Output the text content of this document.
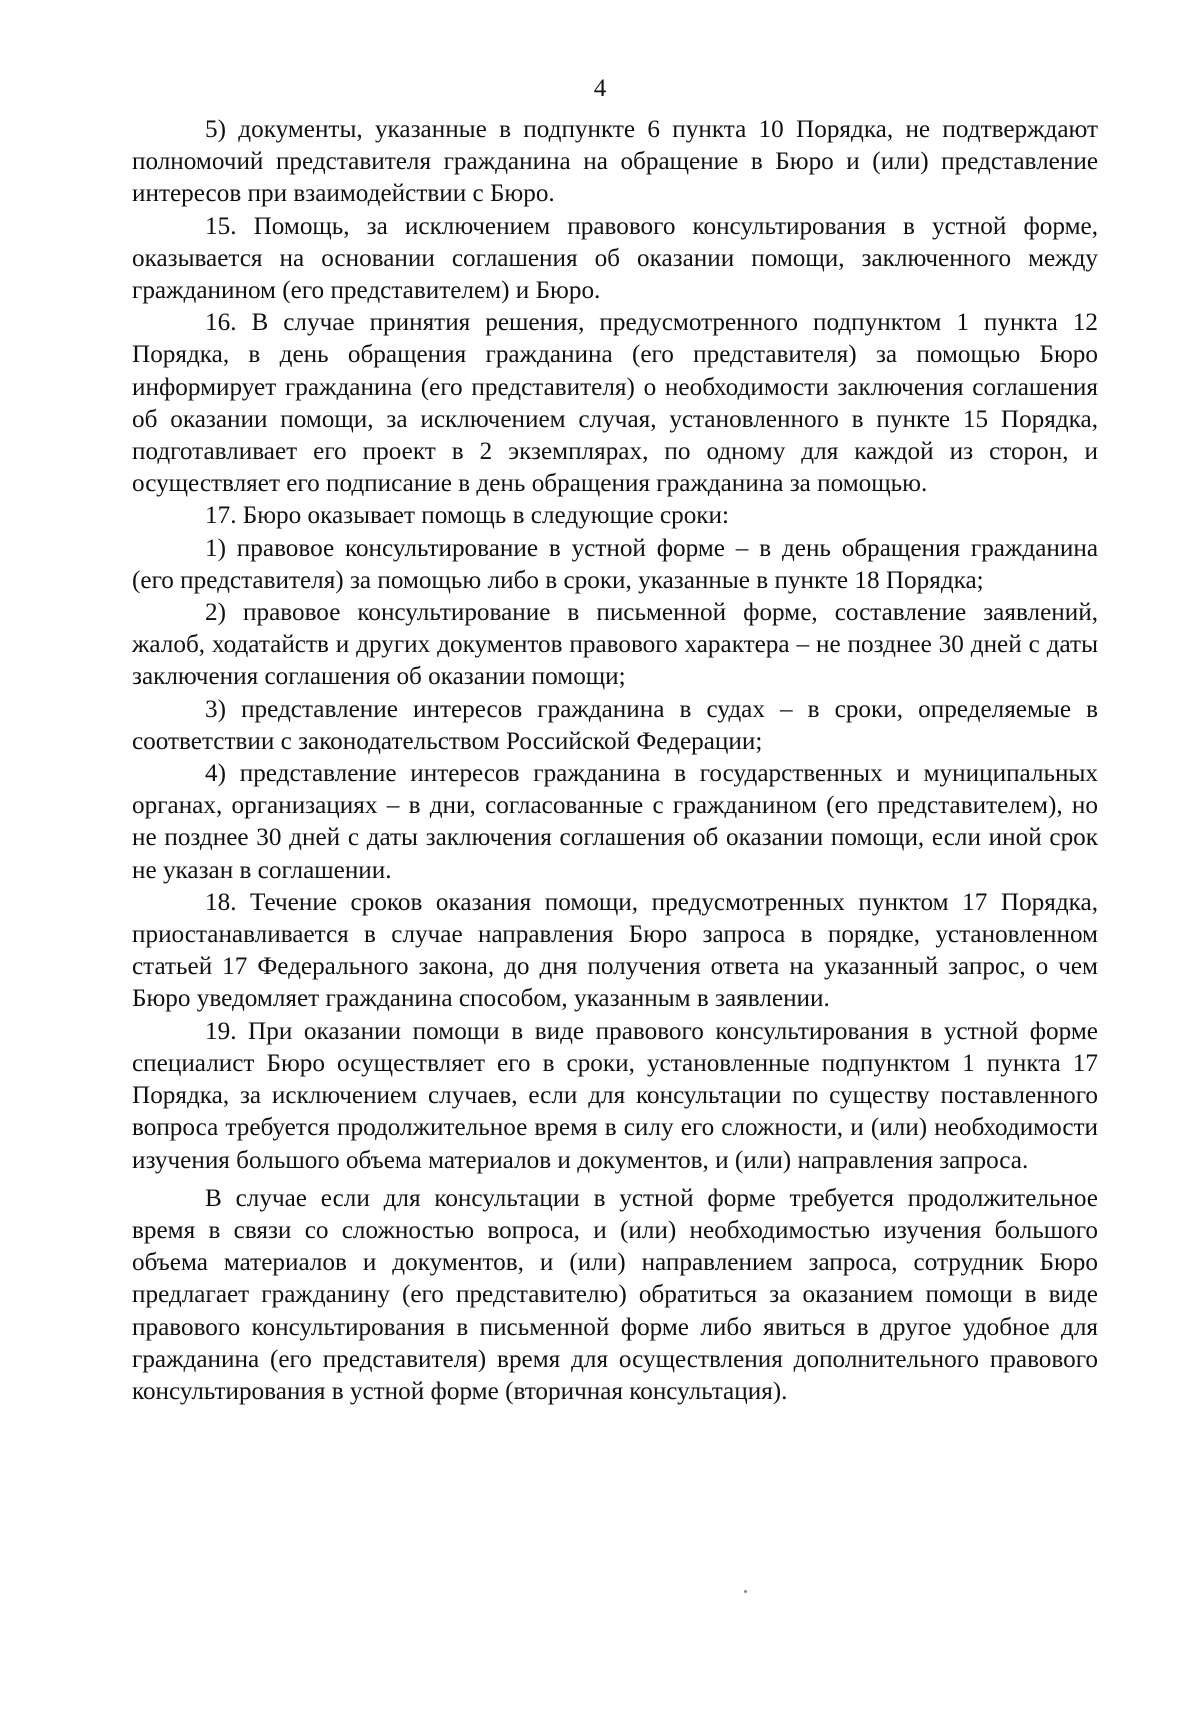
4

5) документы, указанные в подпункте 6 пункта 10 Порядка, не подтверждают полномочий представителя гражданина на обращение в Бюро и (или) представление интересов при взаимодействии с Бюро.

15. Помощь, за исключением правового консультирования в устной форме, оказывается на основании соглашения об оказании помощи, заключенного между гражданином (его представителем) и Бюро.

16. В случае принятия решения, предусмотренного подпунктом 1 пункта 12 Порядка, в день обращения гражданина (его представителя) за помощью Бюро информирует гражданина (его представителя) о необходимости заключения соглашения об оказании помощи, за исключением случая, установленного в пункте 15 Порядка, подготавливает его проект в 2 экземплярах, по одному для каждой из сторон, и осуществляет его подписание в день обращения гражданина за помощью.

17. Бюро оказывает помощь в следующие сроки:

1) правовое консультирование в устной форме – в день обращения гражданина (его представителя) за помощью либо в сроки, указанные в пункте 18 Порядка;

2) правовое консультирование в письменной форме, составление заявлений, жалоб, ходатайств и других документов правового характера – не позднее 30 дней с даты заключения соглашения об оказании помощи;

3) представление интересов гражданина в судах – в сроки, определяемые в соответствии с законодательством Российской Федерации;

4) представление интересов гражданина в государственных и муниципальных органах, организациях – в дни, согласованные с гражданином (его представителем), но не позднее 30 дней с даты заключения соглашения об оказании помощи, если иной срок не указан в соглашении.

18. Течение сроков оказания помощи, предусмотренных пунктом 17 Порядка, приостанавливается в случае направления Бюро запроса в порядке, установленном статьей 17 Федерального закона, до дня получения ответа на указанный запрос, о чем Бюро уведомляет гражданина способом, указанным в заявлении.

19. При оказании помощи в виде правового консультирования в устной форме специалист Бюро осуществляет его в сроки, установленные подпунктом 1 пункта 17 Порядка, за исключением случаев, если для консультации по существу поставленного вопроса требуется продолжительное время в силу его сложности, и (или) необходимости изучения большого объема материалов и документов, и (или) направления запроса.

В случае если для консультации в устной форме требуется продолжительное время в связи со сложностью вопроса, и (или) необходимостью изучения большого объема материалов и документов, и (или) направлением запроса, сотрудник Бюро предлагает гражданину (его представителю) обратиться за оказанием помощи в виде правового консультирования в письменной форме либо явиться в другое удобное для гражданина (его представителя) время для осуществления дополнительного правового консультирования в устной форме (вторичная консультация).
